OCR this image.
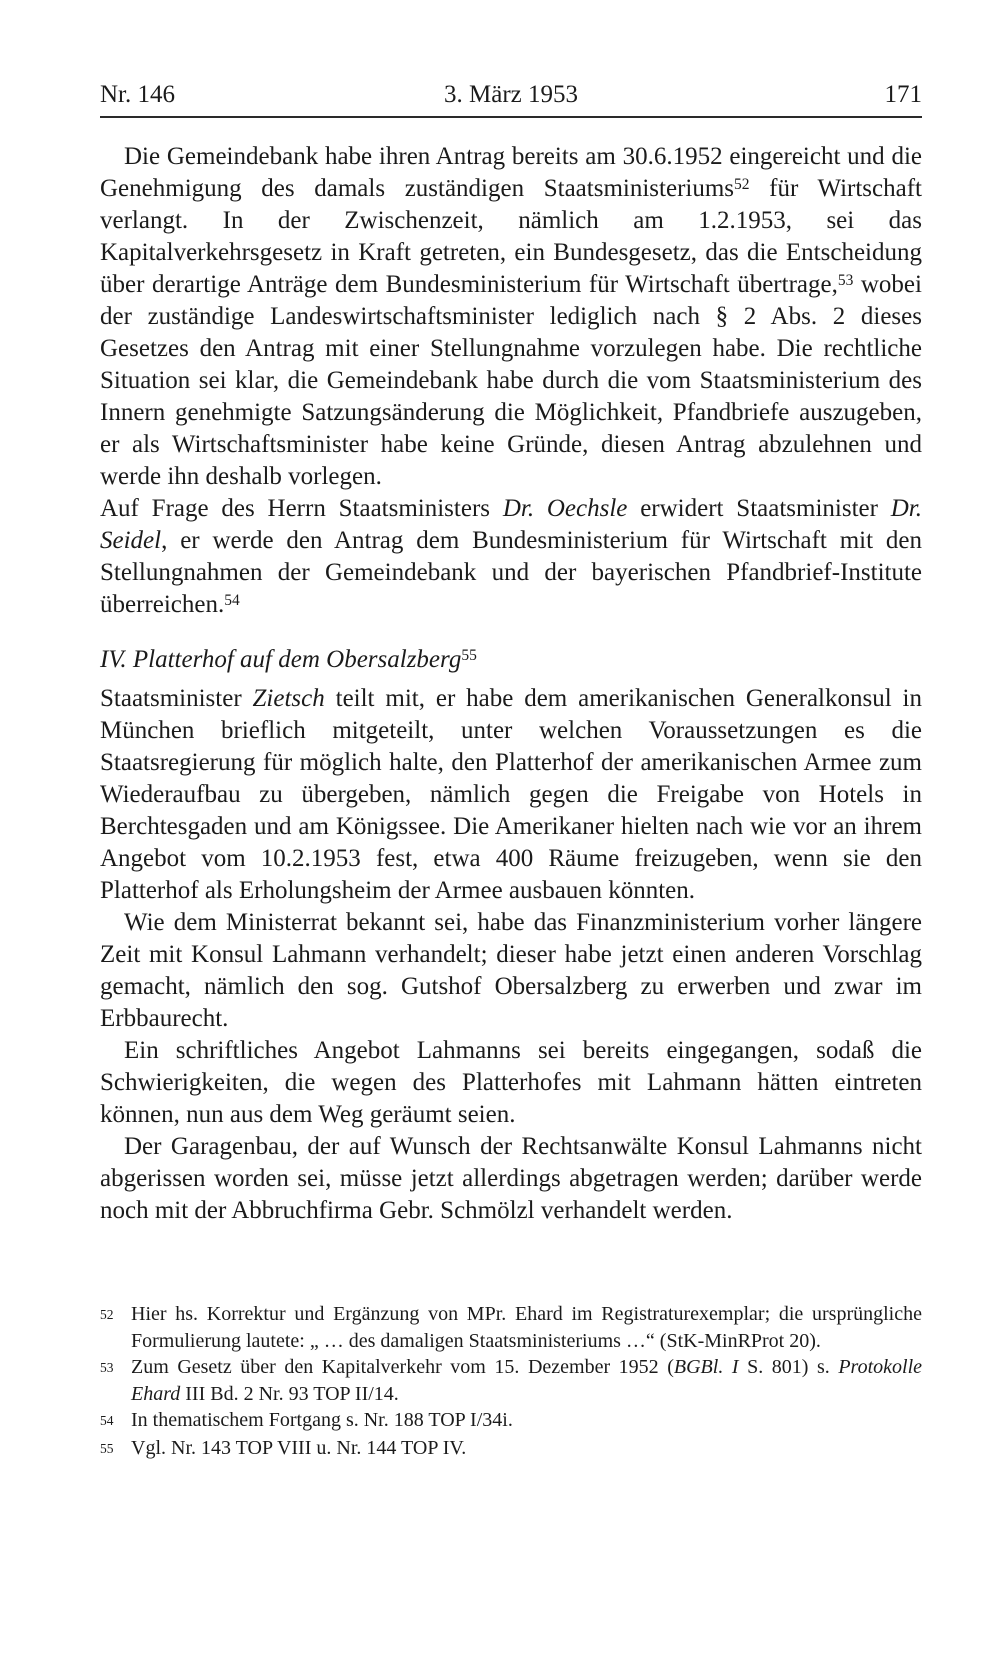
Nr. 146	3. März 1953	171

Die Gemeindebank habe ihren Antrag bereits am 30.6.1952 eingereicht und die Genehmigung des damals zuständigen Staatsministeriums$^{52}$ für Wirtschaft verlangt. In der Zwischenzeit, nämlich am 1.2.1953, sei das Kapitalverkehrsgesetz in Kraft getreten, ein Bundesgesetz, das die Entscheidung über derartige Anträge dem Bundesministerium für Wirtschaft übertrage,$^{53}$ wobei der zuständige Landeswirtschaftsminister lediglich nach § 2 Abs. 2 dieses Gesetzes den Antrag mit einer Stellungnahme vorzulegen habe. Die rechtliche Situation sei klar, die Gemeindebank habe durch die vom Staatsministerium des Innern genehmigte Satzungsänderung die Möglichkeit, Pfandbriefe auszugeben, er als Wirtschaftsminister habe keine Gründe, diesen Antrag abzulehnen und werde ihn deshalb vorlegen.

Auf Frage des Herrn Staatsministers Dr. Oechsle erwidert Staatsminister Dr. Seidel, er werde den Antrag dem Bundesministerium für Wirtschaft mit den Stellungnahmen der Gemeindebank und der bayerischen Pfandbrief-Institute überreichen.$^{54}$

IV. Platterhof auf dem Obersalzberg$^{55}$

Staatsminister Zietsch teilt mit, er habe dem amerikanischen Generalkonsul in München brieflich mitgeteilt, unter welchen Voraussetzungen es die Staatsregierung für möglich halte, den Platterhof der amerikanischen Armee zum Wiederaufbau zu übergeben, nämlich gegen die Freigabe von Hotels in Berchtesgaden und am Königssee. Die Amerikaner hielten nach wie vor an ihrem Angebot vom 10.2.1953 fest, etwa 400 Räume freizugeben, wenn sie den Platterhof als Erholungsheim der Armee ausbauen könnten.

Wie dem Ministerrat bekannt sei, habe das Finanzministerium vorher längere Zeit mit Konsul Lahmann verhandelt; dieser habe jetzt einen anderen Vorschlag gemacht, nämlich den sog. Gutshof Obersalzberg zu erwerben und zwar im Erbbaurecht.

Ein schriftliches Angebot Lahmanns sei bereits eingegangen, sodaß die Schwierigkeiten, die wegen des Platterhofes mit Lahmann hätten eintreten können, nun aus dem Weg geräumt seien.

Der Garagenbau, der auf Wunsch der Rechtsanwälte Konsul Lahmanns nicht abgerissen worden sei, müsse jetzt allerdings abgetragen werden; darüber werde noch mit der Abbruchfirma Gebr. Schmölzl verhandelt werden.

52 Hier hs. Korrektur und Ergänzung von MPr. Ehard im Registraturexemplar; die ursprüngliche Formulierung lautete: „ … des damaligen Staatsministeriums …“ (StK-MinRProt 20).
53 Zum Gesetz über den Kapitalverkehr vom 15. Dezember 1952 (BGBl. I S. 801) s. Protokolle Ehard III Bd. 2 Nr. 93 TOP II/14.
54 In thematischem Fortgang s. Nr. 188 TOP I/34i.
55 Vgl. Nr. 143 TOP VIII u. Nr. 144 TOP IV.
